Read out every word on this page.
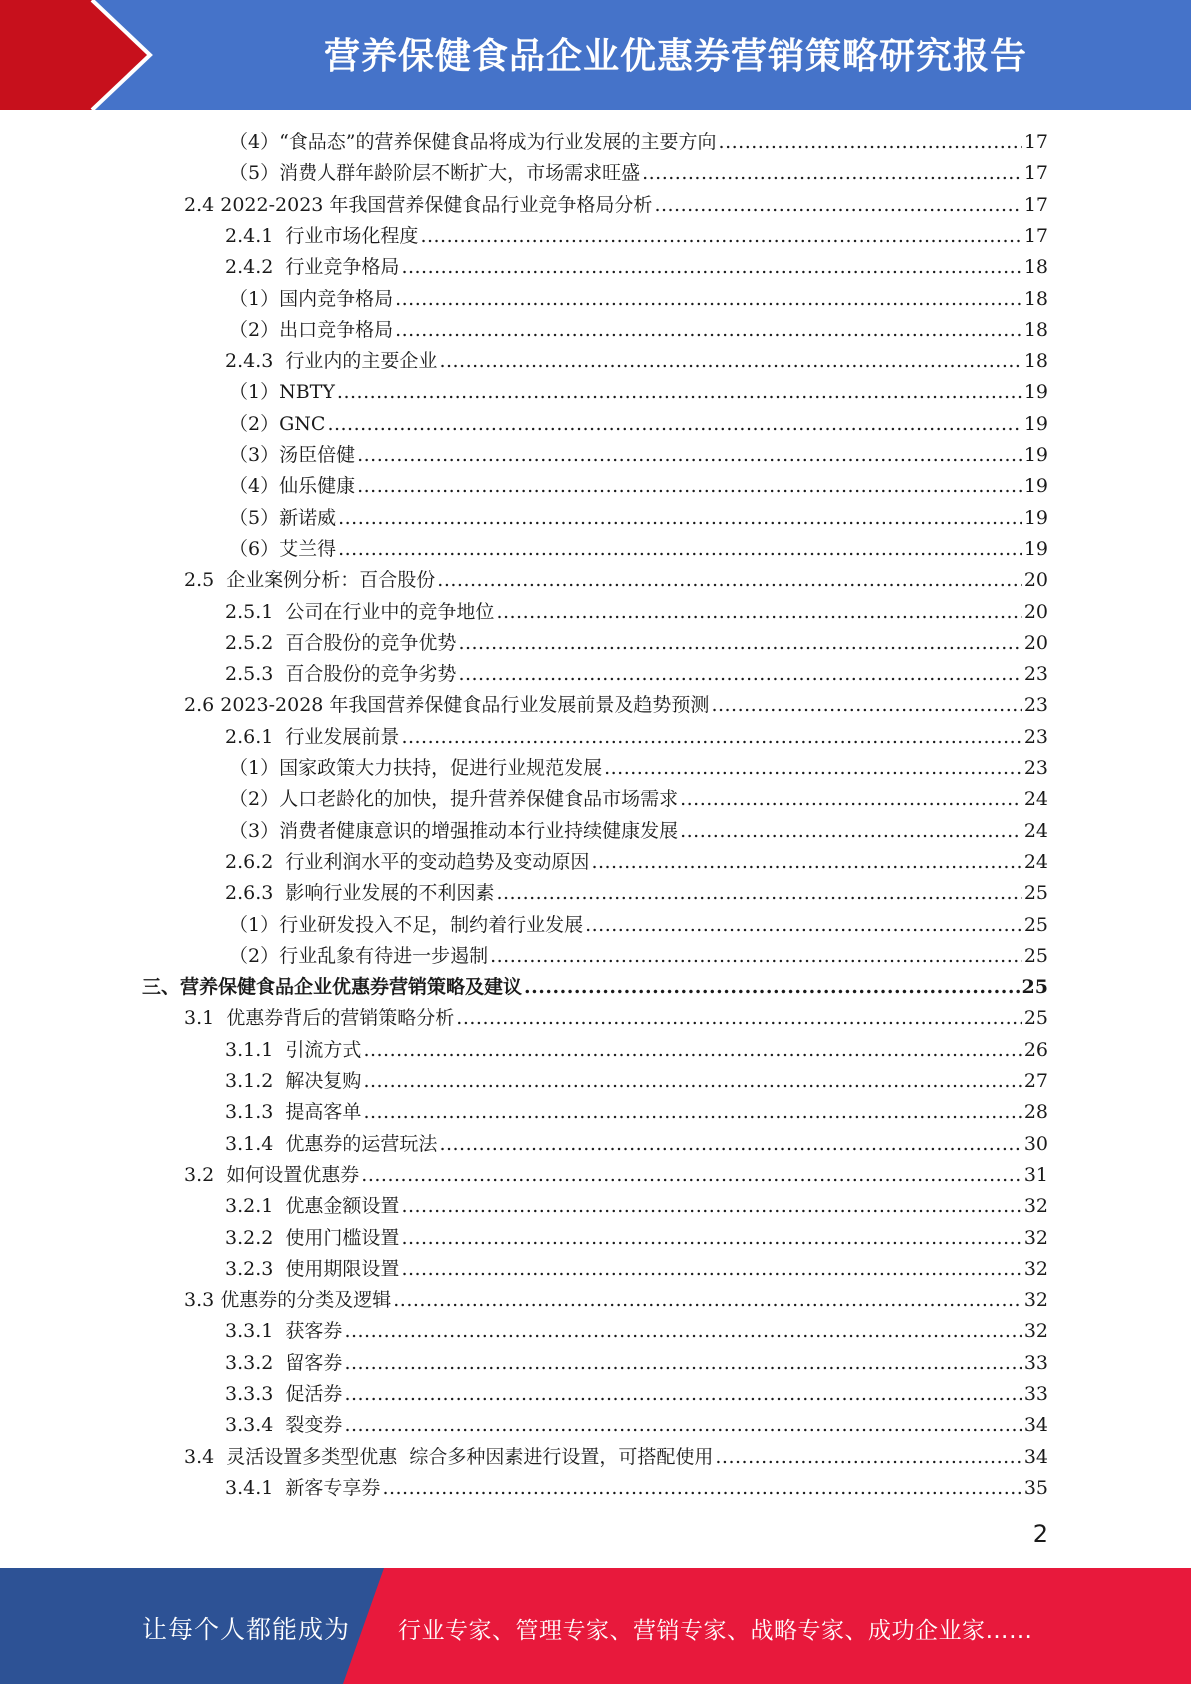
营养保健食品企业优惠券营销策略研究报告
（4）“食品态”的营养保健食品将成为行业发展的主要方向 .....	17
（5）消费人群年龄阶层不断扩大，市场需求旺盛 .....	17
2.4 2022-2023 年我国营养保健食品行业竞争格局分析 .....	17
2.4.1  行业市场化程度 .....	17
2.4.2  行业竞争格局 .....	18
（1）国内竞争格局 .....	18
（2）出口竞争格局 .....	18
2.4.3  行业内的主要企业 .....	18
（1）NBTY .....	19
（2）GNC .....	19
（3）汤臣倍健 .....	19
（4）仙乐健康 .....	19
（5）新诺威 .....	19
（6）艾兰得 .....	19
2.5  企业案例分析：百合股份 .....	20
2.5.1  公司在行业中的竞争地位 .....	20
2.5.2  百合股份的竞争优势 .....	20
2.5.3  百合股份的竞争劣势 .....	23
2.6 2023-2028 年我国营养保健食品行业发展前景及趋势预测 .....	23
2.6.1  行业发展前景 .....	23
（1）国家政策大力扶持，促进行业规范发展 .....	23
（2）人口老龄化的加快，提升营养保健食品市场需求 .....	24
（3）消费者健康意识的增强推动本行业持续健康发展 .....	24
2.6.2  行业利润水平的变动趋势及变动原因 .....	24
2.6.3  影响行业发展的不利因素 .....	25
（1）行业研发投入不足，制约着行业发展 .....	25
（2）行业乱象有待进一步遏制 .....	25
三、营养保健食品企业优惠券营销策略及建议 .....	25
3.1  优惠券背后的营销策略分析 .....	25
3.1.1  引流方式 .....	26
3.1.2  解决复购 .....	27
3.1.3  提高客单 .....	28
3.1.4  优惠券的运营玩法 .....	30
3.2  如何设置优惠券 .....	31
3.2.1  优惠金额设置 .....	32
3.2.2  使用门槛设置 .....	32
3.2.3  使用期限设置 .....	32
3.3 优惠券的分类及逻辑 .....	32
3.3.1  获客券 .....	32
3.3.2  留客券 .....	33
3.3.3  促活券 .....	33
3.3.4  裂变券 .....	34
3.4  灵活设置多类型优惠  综合多种因素进行设置，可搭配使用 .....	34
3.4.1  新客专享券 .....	35
2
让每个人都能成为 行业专家、管理专家、营销专家、战略专家、成功企业家……
